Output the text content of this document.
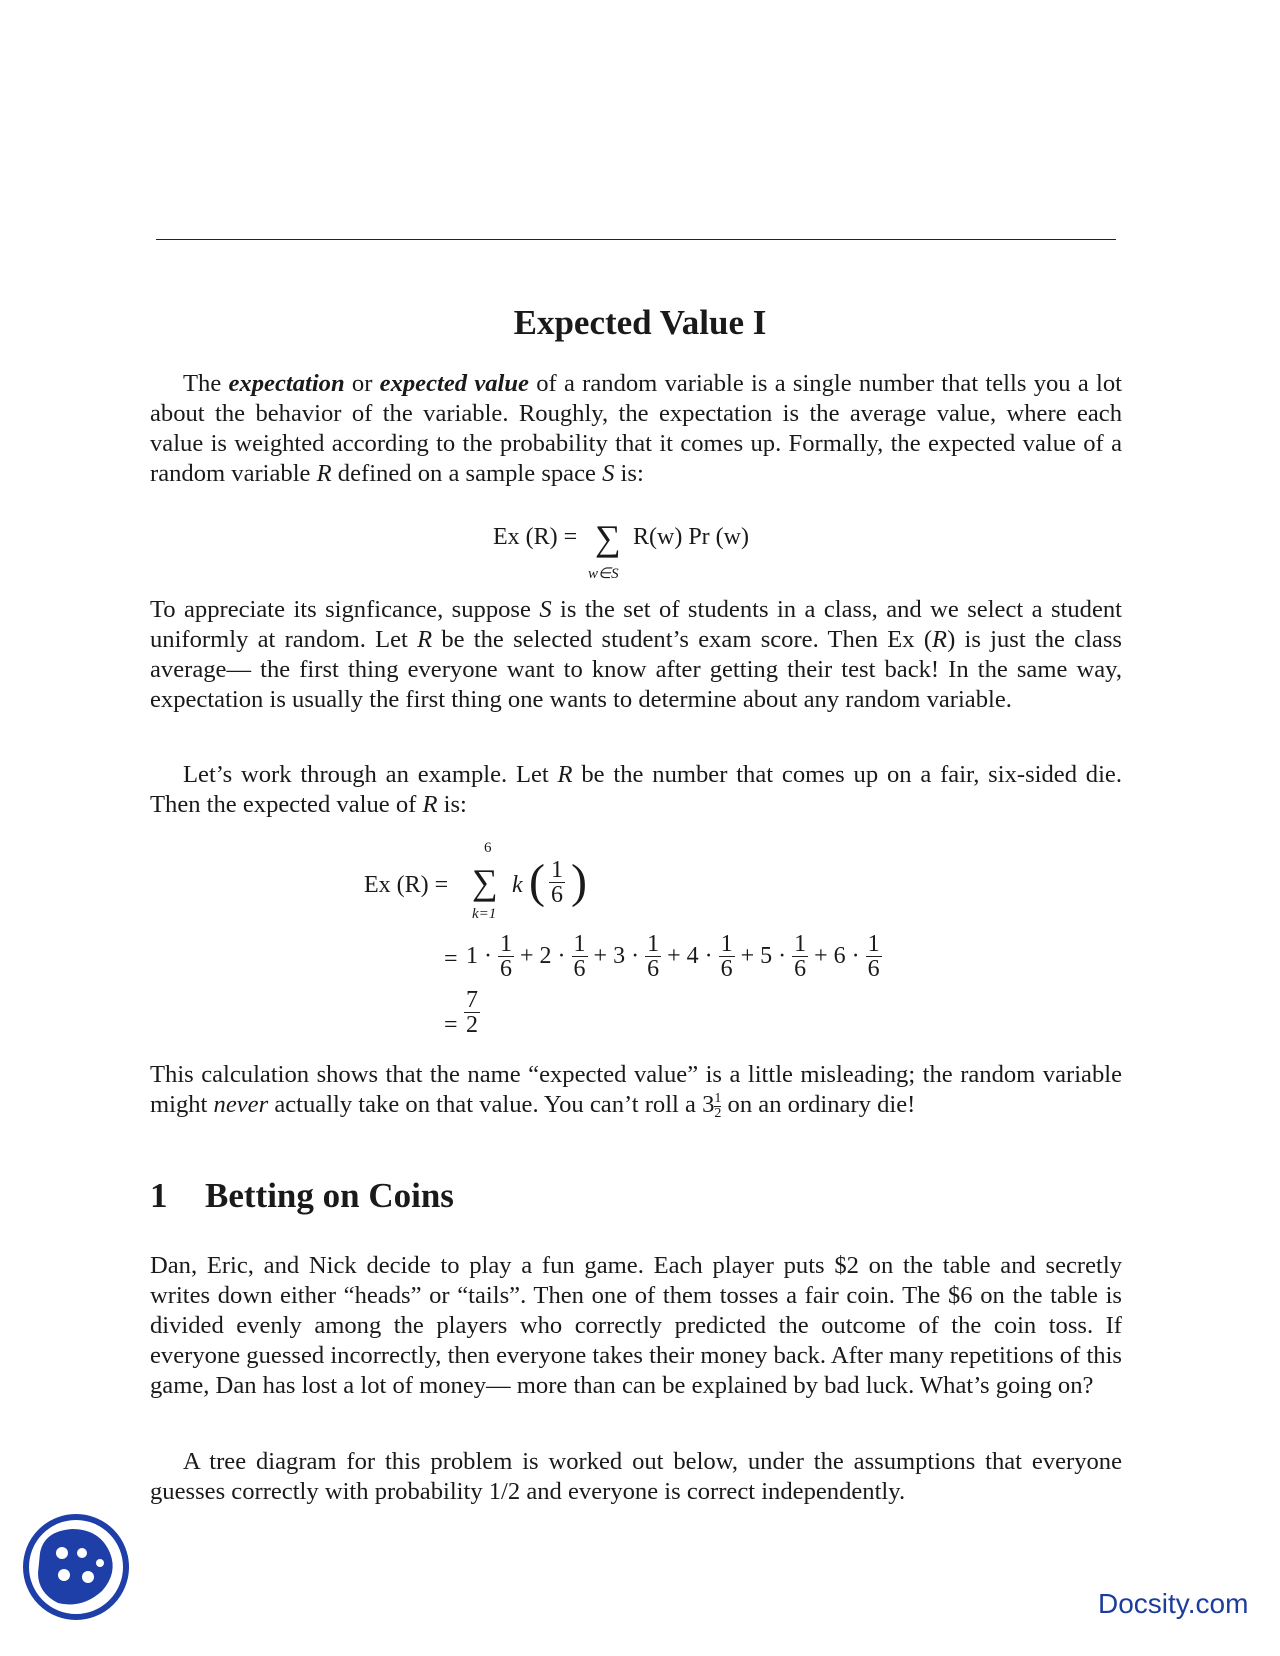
Expected Value I
The expectation or expected value of a random variable is a single number that tells you a lot about the behavior of the variable. Roughly, the expectation is the average value, where each value is weighted according to the probability that it comes up. Formally, the expected value of a random variable R defined on a sample space S is:
Ex (R) = ∑
w∈S
R(w) Pr (w)
To appreciate its signficance, suppose S is the set of students in a class, and we select a student uniformly at random. Let R be the selected student’s exam score. Then Ex (R) is just the class average— the first thing everyone want to know after getting their test back! In the same way, expectation is usually the first thing one wants to determine about any random variable.
Let’s work through an example. Let R be the number that comes up on a fair, six-sided die. Then the expected value of R is:
Ex (R) =
6
∑
k=1
k ( $\frac{1}{6}$ )
= $1 \cdot \frac{1}{6} + 2 \cdot \frac{1}{6} + 3 \cdot \frac{1}{6} + 4 \cdot \frac{1}{6} + 5 \cdot \frac{1}{6} + 6 \cdot \frac{1}{6}$
= $\frac{7}{2}$
This calculation shows that the name “expected value” is a little misleading; the random variable might never actually take on that value. You can’t roll a $3 \frac{1}{2}$ on an ordinary die!
1 Betting on Coins
Dan, Eric, and Nick decide to play a fun game. Each player puts $2 on the table and secretly writes down either “heads” or “tails”. Then one of them tosses a fair coin. The $6 on the table is divided evenly among the players who correctly predicted the outcome of the coin toss. If everyone guessed incorrectly, then everyone takes their money back. After many repetitions of this game, Dan has lost a lot of money— more than can be explained by bad luck. What’s going on?
A tree diagram for this problem is worked out below, under the assumptions that everyone guesses correctly with probability 1/2 and everyone is correct independently.
Docsity.com
